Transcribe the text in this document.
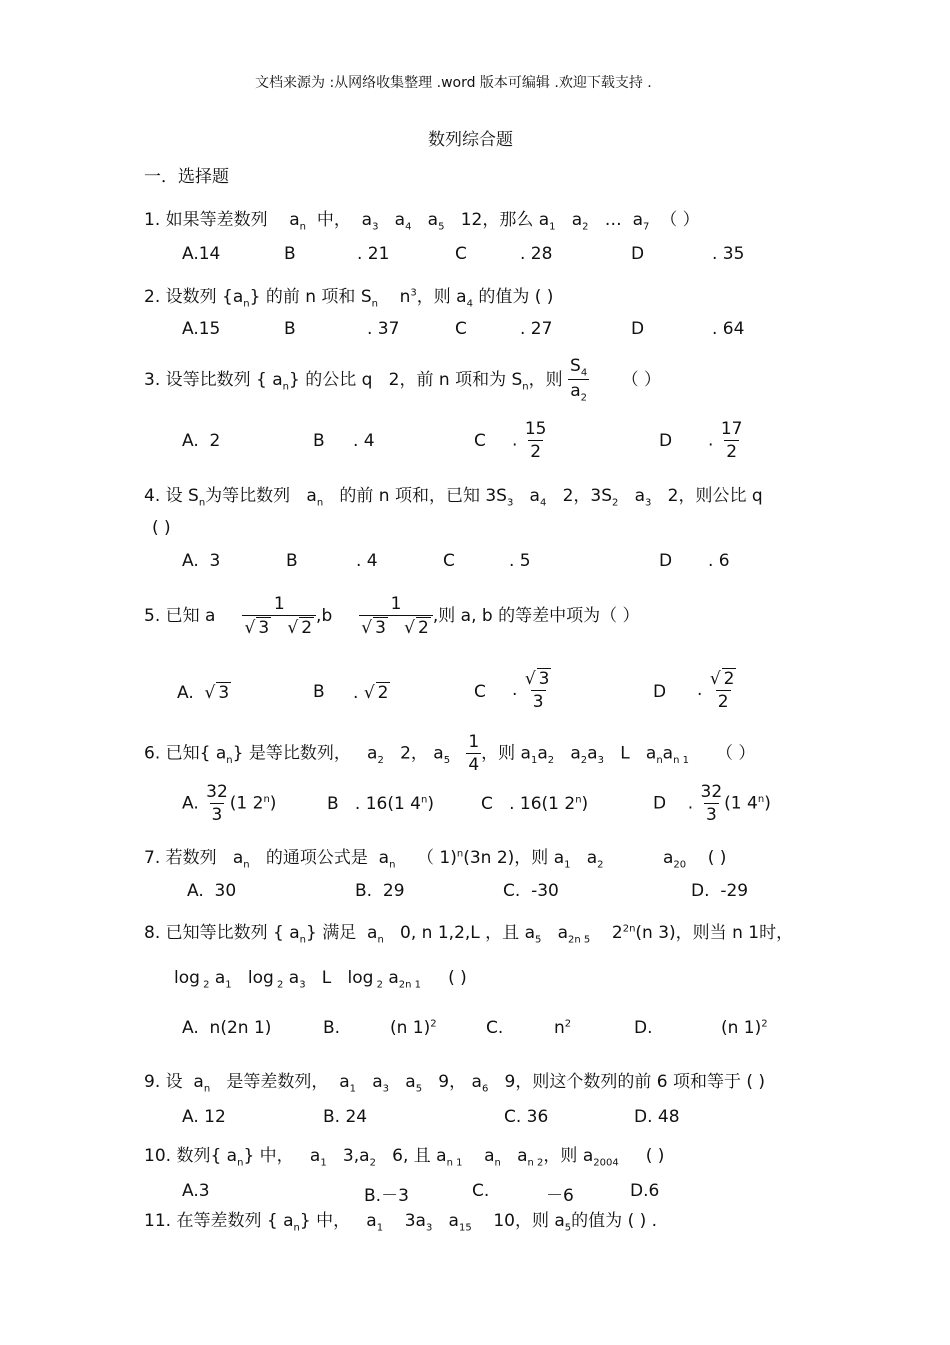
文档来源为 :从网络收集整理 .word 版本可编辑 .欢迎下载支持 .
数列综合题
一．选择题
1. 如果等差数列    $a_n$ 中，  $a_3$   $a_4$   $a_5$ 12，那么 $a_1$   $a_2$ …  $a_7$ （ ）
A.14	B	. 21	C	. 28	D	. 35
2. 设数列 $\{a_n\}$ 的前 n 项和 $S_n$    $n^3$，则 $a_4$ 的值为 ( )
A.15	B	. 37	C	. 27	D	. 64
3. 设等比数列 { $a_n$} 的公比 q 2，前 n 项和为 $S_n$，则 $\frac{S_4}{a_2}$ （ ）
A. 2	B . 4	C . $\frac{15}{2}$	D . $\frac{17}{2}$
4. 设 $S_n$为等比数列   $a_n$ 的前 n 项和，已知 $3S_3$   $a_4$ 2，$3S_2$   $a_3$ 2，则公比 q
( )
A. 3	B	. 4	C	. 5	D . 6
5. 已知 a $\frac{1}{√ 3 √ 2} ,b \frac{1}{√ 3 √ 2}$ ,则 a, b 的等差中项为（ ）
A. √ 3	B . √ 2	C . $\frac{√ 3}{3}$	D . $\frac{√ 2}{2}$
6. 已知{ $a_n$} 是等比数列，   $a_2$ 2， $a_5 \frac{1}{4}$ ，则 $a_1a_2$   $a_2a_3$ L   $a_na_{n 1}$ （ ）
A. $\frac{32}{3} (1$ 2$^n$)	B . 16(1 4$^n$)	C . 16(1 2$^n$)	D . $\frac{32}{3} (1$ 4$^n$)
7. 若数列   $a_n$ 的通项公式是  $a_n$ （ 1)$^n$(3n 2)，则 $a_1$   $a_2$           $a_{20}$ ( )
A. 30	B. 29	C. -30	D. -29
8. 已知等比数列 { $a_n$} 满足  $a_n$ 0, n 1,2,L ，且 $a_5$   $a_{2n 5}$ $2^{2n}(n$ 3)，则当 n 1时，
log $_2$ $a_1$ log $_2$ $a_3$ L log $_2$ $a_{2n 1}$ ( )
A. n(2n 1)	B.	(n 1)$^2$	C.	$n^2$	D.	(n 1)$^2$
9. 设  $a_n$ 是等差数列，  $a_1$   $a_3$   $a_5$ 9， $a_6$ 9，则这个数列的前 6 项和等于 ( )
A. 12	B. 24	C. 36	D. 48
10. 数列{ $a_n$} 中，   $a_1$ $3,a_2$ 6, 且 $a_{n 1}$    $a_n$   $a_{n 2}$，则 $a_{2004}$ ( )
A.3	B.－3	C.	－6	D.6
11. 在等差数列 { $a_n$} 中，   $a_1$ $3a_3$   $a_{15}$ 10，则 $a_5$的值为 ( ) .
